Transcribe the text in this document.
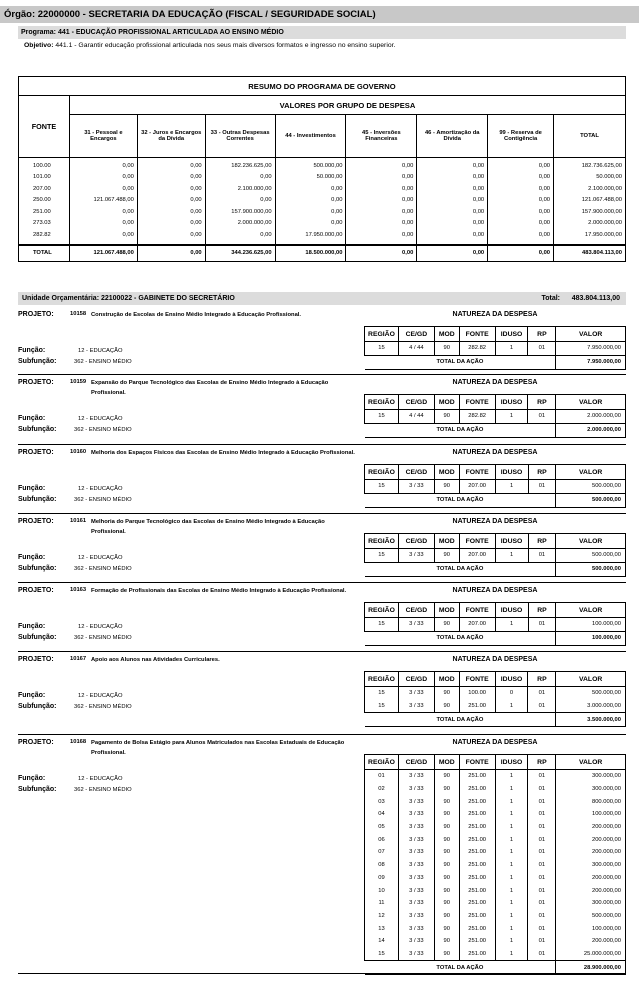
Órgão: 22000000 - SECRETARIA DA EDUCAÇÃO (FISCAL / SEGURIDADE SOCIAL)
Programa: 441 - EDUCAÇÃO PROFISSIONAL ARTICULADA AO ENSINO MÉDIO
Objetivo: 441.1 - Garantir educação profissional articulada nos seus mais diversos formatos e ingresso no ensino superior.
RESUMO DO PROGRAMA DE GOVERNO								
FONTE	VALORES POR GRUPO DE DESPESA							
	31 - Pessoal e Encargos	32 - Juros e Encargos da Dívida	33 - Outras Despesas Correntes	44 - Investimentos	45 - Inversões Financeiras	46 - Amortização da Dívida	99 - Reserva de Contigência	TOTAL
100.00	0,00	0,00	182.236.625,00	500.000,00	0,00	0,00	0,00	182.736.625,00
101.00	0,00	0,00	0,00	50.000,00	0,00	0,00	0,00	50.000,00
207.00	0,00	0,00	2.100.000,00	0,00	0,00	0,00	0,00	2.100.000,00
250.00	121.067.488,00	0,00	0,00	0,00	0,00	0,00	0,00	121.067.488,00
251.00	0,00	0,00	157.900.000,00	0,00	0,00	0,00	0,00	157.900.000,00
273.03	0,00	0,00	2.000.000,00	0,00	0,00	0,00	0,00	2.000.000,00
282.82	0,00	0,00	0,00	17.950.000,00	0,00	0,00	0,00	17.950.000,00

TOTAL	121.067.488,00	0,00	344.236.625,00	18.500.000,00	0,00	0,00	0,00	483.804.113,00
Unidade Orçamentária: 22100022 - GABINETE DO SECRETÁRIO	Total: 483.804.113,00
PROJETO:	10158 Construção de Escolas de Ensino Médio Integrado à Educação Profissional.
Função:	12 - EDUCAÇÃO
Subfunção:	362 - ENSINO MÉDIO
NATUREZA DA DESPESA
REGIÃO	CE/GD	MOD	FONTE	IDUSO	RP	VALOR
15	4 / 44	90	282.82	1	01	7.950.000,00
TOTAL DA AÇÃO						7.950.000,00
PROJETO:	10159 Expansão do Parque Tecnológico das Escolas de Ensino Médio Integrado à Educação Profissional.
Função:	12 - EDUCAÇÃO
Subfunção:	362 - ENSINO MÉDIO
NATUREZA DA DESPESA
REGIÃO	CE/GD	MOD	FONTE	IDUSO	RP	VALOR
15	4 / 44	90	282.82	1	01	2.000.000,00
TOTAL DA AÇÃO						2.000.000,00
PROJETO:	10160 Melhoria dos Espaços Físicos das Escolas de Ensino Médio Integrado à Educação Profissional.
Função:	12 - EDUCAÇÃO
Subfunção:	362 - ENSINO MÉDIO
NATUREZA DA DESPESA
REGIÃO	CE/GD	MOD	FONTE	IDUSO	RP	VALOR
15	3 / 33	90	207.00	1	01	500.000,00
TOTAL DA AÇÃO						500.000,00
PROJETO:	10161 Melhoria do Parque Tecnológico das Escolas de Ensino Médio Integrado à Educação Profissional.
Função:	12 - EDUCAÇÃO
Subfunção:	362 - ENSINO MÉDIO
NATUREZA DA DESPESA
REGIÃO	CE/GD	MOD	FONTE	IDUSO	RP	VALOR
15	3 / 33	90	207.00	1	01	500.000,00
TOTAL DA AÇÃO						500.000,00
PROJETO:	10163 Formação de Profissionais das Escolas de Ensino Médio Integrado à Educação Profissional.
Função:	12 - EDUCAÇÃO
Subfunção:	362 - ENSINO MÉDIO
NATUREZA DA DESPESA
REGIÃO	CE/GD	MOD	FONTE	IDUSO	RP	VALOR
15	3 / 33	90	207.00	1	01	100.000,00
TOTAL DA AÇÃO						100.000,00
PROJETO:	10167 Apoio aos Alunos nas Atividades Curriculares.
Função:	12 - EDUCAÇÃO
Subfunção:	362 - ENSINO MÉDIO
NATUREZA DA DESPESA
REGIÃO	CE/GD	MOD	FONTE	IDUSO	RP	VALOR
15	3 / 33	90	100.00	0	01	500.000,00
15	3 / 33	90	251.00	1	01	3.000.000,00
TOTAL DA AÇÃO						3.500.000,00
PROJETO:	10168 Pagamento de Bolsa Estágio para Alunos Matriculados nas Escolas Estaduais de Educação Profissional.
Função:	12 - EDUCAÇÃO
Subfunção:	362 - ENSINO MÉDIO
NATUREZA DA DESPESA
REGIÃO	CE/GD	MOD	FONTE	IDUSO	RP	VALOR
01	3 / 33	90	251.00	1	01	300.000,00
02	3 / 33	90	251.00	1	01	300.000,00
03	3 / 33	90	251.00	1	01	800.000,00
04	3 / 33	90	251.00	1	01	100.000,00
05	3 / 33	90	251.00	1	01	200.000,00
06	3 / 33	90	251.00	1	01	200.000,00
07	3 / 33	90	251.00	1	01	200.000,00
08	3 / 33	90	251.00	1	01	300.000,00
09	3 / 33	90	251.00	1	01	200.000,00
10	3 / 33	90	251.00	1	01	200.000,00
11	3 / 33	90	251.00	1	01	300.000,00
12	3 / 33	90	251.00	1	01	500.000,00
13	3 / 33	90	251.00	1	01	100.000,00
14	3 / 33	90	251.00	1	01	200.000,00
15	3 / 33	90	251.00	1	01	25.000.000,00
TOTAL DA AÇÃO						28.900.000,00
